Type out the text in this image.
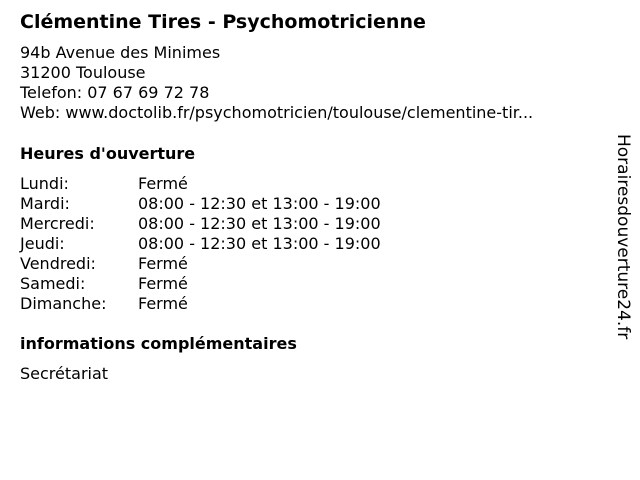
Clémentine Tires - Psychomotricienne
94b Avenue des Minimes
31200 Toulouse
Telefon: 07 67 69 72 78
Web: www.doctolib.fr/psychomotricien/toulouse/clementine-tir...
Heures d'ouverture
Lundi:	Fermé
Mardi:	08:00 - 12:30 et 13:00 - 19:00
Mercredi:	08:00 - 12:30 et 13:00 - 19:00
Jeudi:	08:00 - 12:30 et 13:00 - 19:00
Vendredi:	Fermé
Samedi:	Fermé
Dimanche:	Fermé
informations complémentaires
Secrétariat
Horairesdouverture24.fr
